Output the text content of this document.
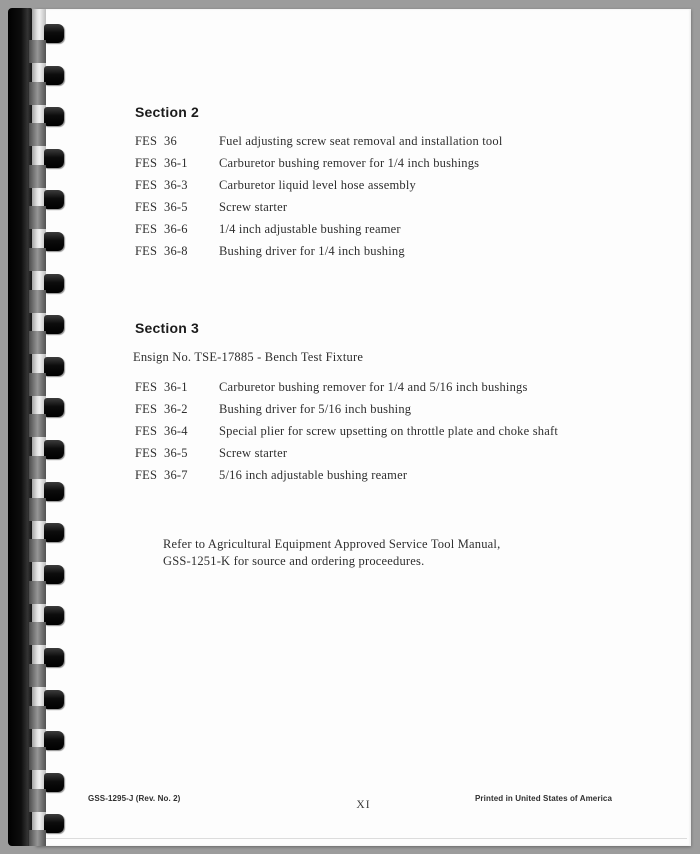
Section 2
FES 36	Fuel adjusting screw seat removal and installation tool
FES 36-1	Carburetor bushing remover for 1/4 inch bushings
FES 36-3	Carburetor liquid level hose assembly
FES 36-5	Screw starter
FES 36-6	1/4 inch adjustable bushing reamer
FES 36-8	Bushing driver for 1/4 inch bushing
Section 3
Ensign No. TSE-17885 - Bench Test Fixture
FES 36-1	Carburetor bushing remover for 1/4 and 5/16 inch bushings
FES 36-2	Bushing driver for 5/16 inch bushing
FES 36-4	Special plier for screw upsetting on throttle plate and choke shaft
FES 36-5	Screw starter
FES 36-7	5/16 inch adjustable bushing reamer
Refer to Agricultural Equipment Approved Service Tool Manual,
GSS-1251-K for source and ordering proceedures.
GSS-1295-J (Rev. No. 2)
XI
Printed in United States of America
